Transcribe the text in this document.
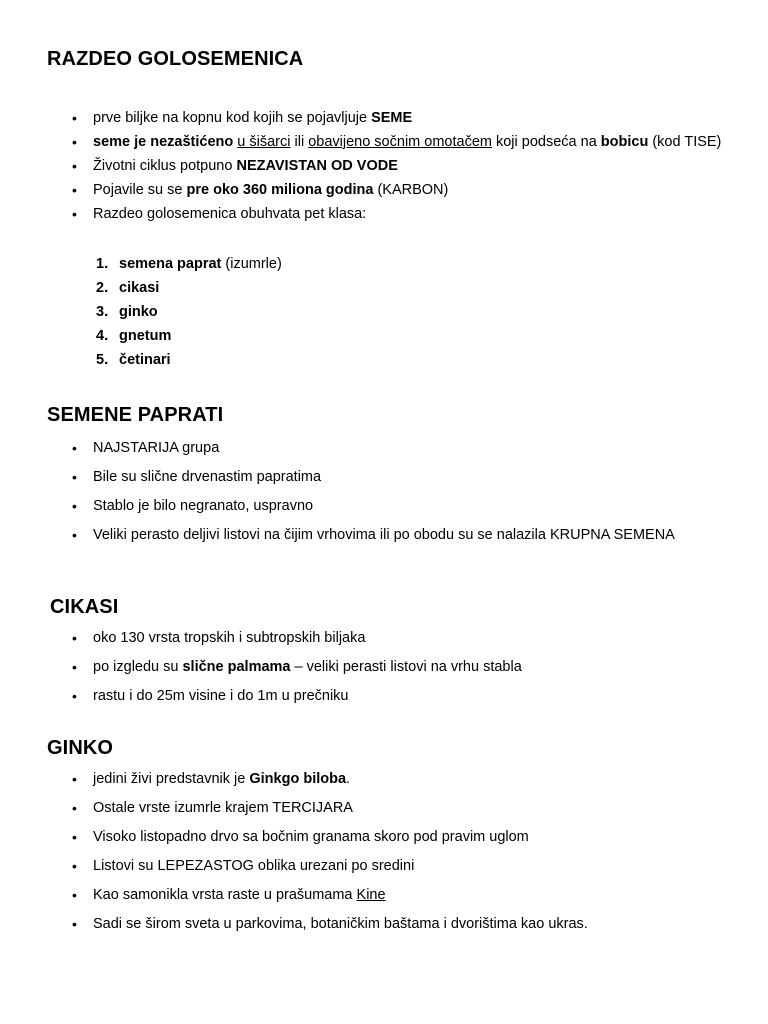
RAZDEO GOLOSEMENICA
• prve biljke na kopnu kod kojih se pojavljuje SEME
• seme je nezaštićeno u šišarci ili obavijeno sočnim omotačem koji podseća na bobicu (kod TISE)
• Životni ciklus potpuno NEZAVISTAN OD VODE
• Pojavile su se pre oko 360 miliona godina (KARBON)
• Razdeo golosemenica obuhvata pet klasa:
1. semena paprat (izumrle)
2. cikasi
3. ginko
4. gnetum
5. četinari
SEMENE PAPRATI
• NAJSTARIJA grupa
• Bile su slične drvenastim papratima
• Stablo je bilo negranato, uspravno
• Veliki perasto deljivi listovi na čijim vrhovima ili po obodu su se nalazila KRUPNA SEMENA
CIKASI
• oko 130 vrsta tropskih i subtropskih biljaka
• po izgledu su slične palmama – veliki perasti listovi na vrhu stabla
• rastu i do 25m visine i do 1m u prečniku
GINKO
• jedini živi predstavnik je Ginkgo biloba.
• Ostale vrste izumrle krajem TERCIJARA
• Visoko listopadno drvo sa bočnim granama skoro pod pravim uglom
• Listovi su LEPEZASTOG oblika urezani po sredini
• Kao samonikla vrsta raste u prašumama Kine
• Sadi se širom sveta u parkovima, botaničkim baštama i dvorištima kao ukras.
